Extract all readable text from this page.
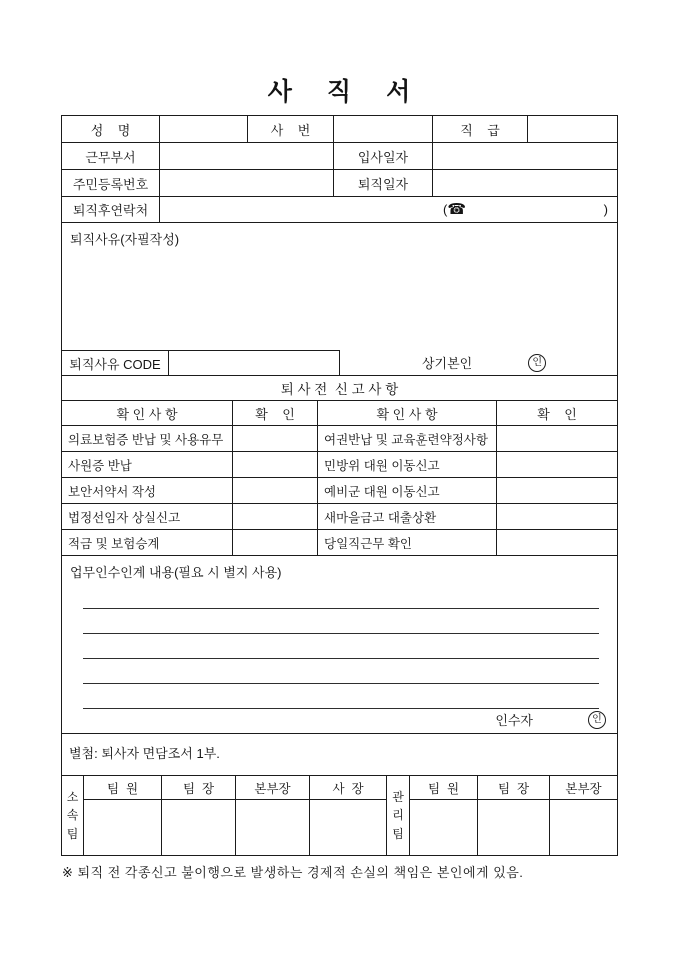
사    직    서
성    명	사    번	직    급
근무부서	입사일자
주민등록번호	퇴직일자
퇴직후연락처	( ☎	)
퇴직사유(자필작성)
퇴직사유 CODE	상기본인	인
퇴 사 전  신 고 사 항
확 인 사 항	확    인	확 인 사 항	확    인
의료보험증 반납 및 사용유무	여권반납 및 교육훈련약정사항
사원증 반납	민방위 대원 이동신고
보안서약서 작성	예비군 대원 이동신고
법정선임자 상실신고	새마을금고 대출상환
적금 및 보험승계	당일직근무 확인
업무인수인계 내용(필요 시 별지 사용)
인수자	인
별첨: 퇴사자 면담조서 1부.
소속팀
팀  원	팀  장	본부장	사  장
관리팀
팀  원	팀  장	본부장
※ 퇴직 전 각종신고 불이행으로 발생하는 경제적 손실의 책임은 본인에게 있음.
